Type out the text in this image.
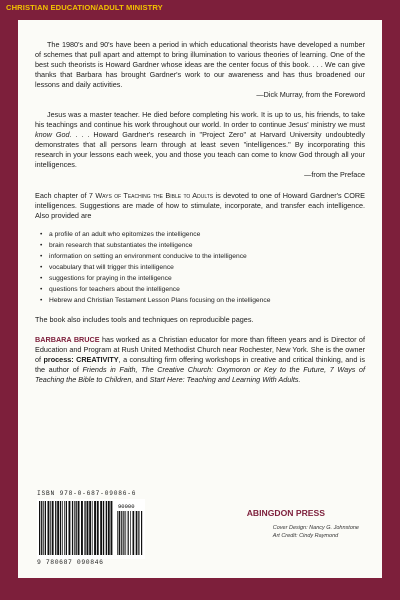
CHRISTIAN EDUCATION/ADULT MINISTRY

The 1980's and 90's have been a period in which educational theorists have developed a number of schemes that pull apart and attempt to bring illumination to various theories of learning. One of the best such theorists is Howard Gardner whose ideas are the center focus of this book. . . . We can give thanks that Barbara has brought Gardner's work to our awareness and has thus broadened our lessons and daily activities.

—Dick Murray, from the Foreword

Jesus was a master teacher. He died before completing his work. It is up to us, his friends, to take his teachings and continue his work throughout our world. In order to continue Jesus' ministry we must know God. . . . Howard Gardner's research in "Project Zero" at Harvard University undoubtedly demonstrates that all persons learn through at least seven "intelligences." By incorporating this research in your lessons each week, you and those you teach can come to know God through all your intelligences.

—from the Preface

Each chapter of 7 Ways of Teaching the Bible to Adults is devoted to one of Howard Gardner's CORE intelligences. Suggestions are made of how to stimulate, incorporate, and transfer each intelligence. Also provided are

• a profile of an adult who epitomizes the intelligence
• brain research that substantiates the intelligence
• information on setting an environment conducive to the intelligence
• vocabulary that will trigger this intelligence
• suggestions for praying in the intelligence
• questions for teachers about the intelligence
• Hebrew and Christian Testament Lesson Plans focusing on the intelligence

The book also includes tools and techniques on reproducible pages.

BARBARA BRUCE has worked as a Christian educator for more than fifteen years and is Director of Education and Program at Rush United Methodist Church near Rochester, New York. She is the owner of process: CREATIVITY, a consulting firm offering workshops in creative and critical thinking, and is the author of Friends in Faith, The Creative Church: Oxymoron or Key to the Future, 7 Ways of Teaching the Bible to Children, and Start Here: Teaching and Learning With Adults.

ISBN 978-0-687-09086-6
90000
9 780687 090846
ABINGDON PRESS
Cover Design: Nancy G. Johnstone
Art Credit: Cindy Raymond
